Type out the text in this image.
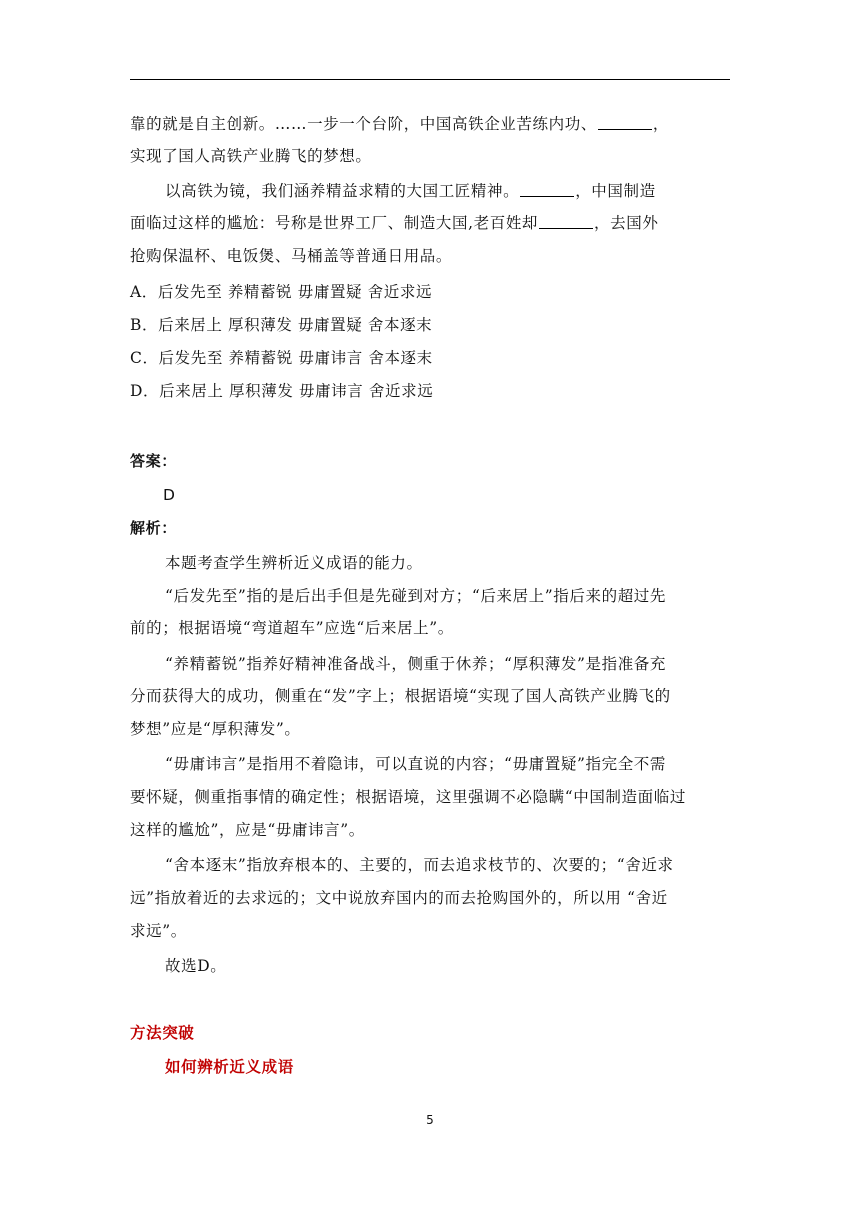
靠的就是自主创新。……一步一个台阶，中国高铁企业苦练内功、	，
实现了国人高铁产业腾飞的梦想。
以高铁为镜，我们涵养精益求精的大国工匠精神。	，中国制造
面临过这样的尴尬：号称是世界工厂、制造大国,老百姓却	，去国外
抢购保温杯、电饭煲、马桶盖等普通日用品。
A．后发先至 养精蓄锐 毋庸置疑 舍近求远
B．后来居上 厚积薄发 毋庸置疑 舍本逐末
C．后发先至 养精蓄锐 毋庸讳言 舍本逐末
D．后来居上 厚积薄发 毋庸讳言 舍近求远
答案：
D
解析：
本题考查学生辨析近义成语的能力。
“后发先至”指的是后出手但是先碰到对方；“后来居上”指后来的超过先
前的；根据语境“弯道超车”应选“后来居上”。
“养精蓄锐”指养好精神准备战斗，侧重于休养；“厚积薄发”是指准备充
分而获得大的成功，侧重在“发”字上；根据语境“实现了国人高铁产业腾飞的
梦想”应是“厚积薄发”。
“毋庸讳言”是指用不着隐讳，可以直说的内容；“毋庸置疑”指完全不需
要怀疑，侧重指事情的确定性；根据语境，这里强调不必隐瞒“中国制造面临过
这样的尴尬”，应是“毋庸讳言”。
“舍本逐末”指放弃根本的、主要的，而去追求枝节的、次要的；“舍近求
远”指放着近的去求远的；文中说放弃国内的而去抢购国外的，所以用 “舍近
求远”。
故选D。
方法突破
如何辨析近义成语
5
